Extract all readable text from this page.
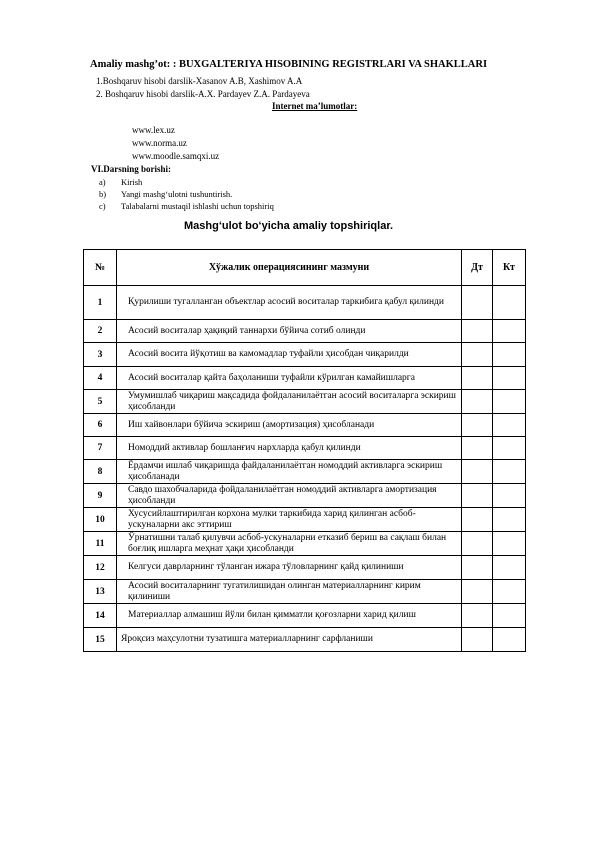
Amaliy mashg’ot: : BUXGALTERIYA HISOBINING REGISTRLARI VA SHAKLLARI
1.Boshqaruv hisobi darslik-Xasanov A.B, Xashimov A.A
2. Boshqaruv hisobi darslik-A.X. Pardayev Z.A. Pardayeva
Internet ma’lumotlar:
www.lex.uz
www.norma.uz
www.moodle.samqxi.uz
VI.Darsning borishi:
a) Kirish
b) Yangi mashg‘ulotni tushuntirish.
c) Talabalarni mustaqil ishlashi uchun topshiriq
Mashg‘ulot bo‘yicha amaliy topshiriqlar.
№	Хўжалик операциясининг мазмуни	Дт	Кт
1	Қурилиши тугалланган объектлар асосий воситалар таркибига қабул қилинди		
2	Асосий воситалар ҳақиқий таннархи бўйича сотиб олинди		
3	Асосий восита йўқотиш ва камомадлар туфайли ҳисобдан чиқарилди		
4	Асосий воситалар қайта баҳоланиши туфайли кўрилган камайишларга		
5	Умумишлаб чиқариш мақсадида фойдаланилаётган асосий воситаларга эскириш ҳисобланди		
6	Иш хайвонлари бўйича эскириш (амортизация) ҳисобланади		
7	Номоддий активлар бошланғич нархларда қабул қилинди		
8	Ёрдамчи ишлаб чиқаришда файдаланилаётган номоддий активларга эскириш ҳисобланади		
9	Савдо шахобчаларида фойдаланилаётган номоддий активларга амортизация ҳисобланди		
10	Хусусийлаштирилган корхона мулки таркибида харид қилинган асбоб-ускуналарни акс эттириш		
11	Ўрнатишни талаб қилувчи асбоб-ускуналарни етказиб бериш ва сақлаш билан боғлиқ ишларга меҳнат ҳақи ҳисобланди		
12	Келгуси даврларнинг тўланган ижара тўловларнинг қайд қилиниши		
13	Асосий воситаларнинг тугатилишидан олинган материалларнинг кирим қилиниши		
14	Материаллар алмашиш йўли билан қимматли қоғозларни харид қилиш		
15	Яроқсиз маҳсулотни тузатишга материалларнинг сарфланиши		
